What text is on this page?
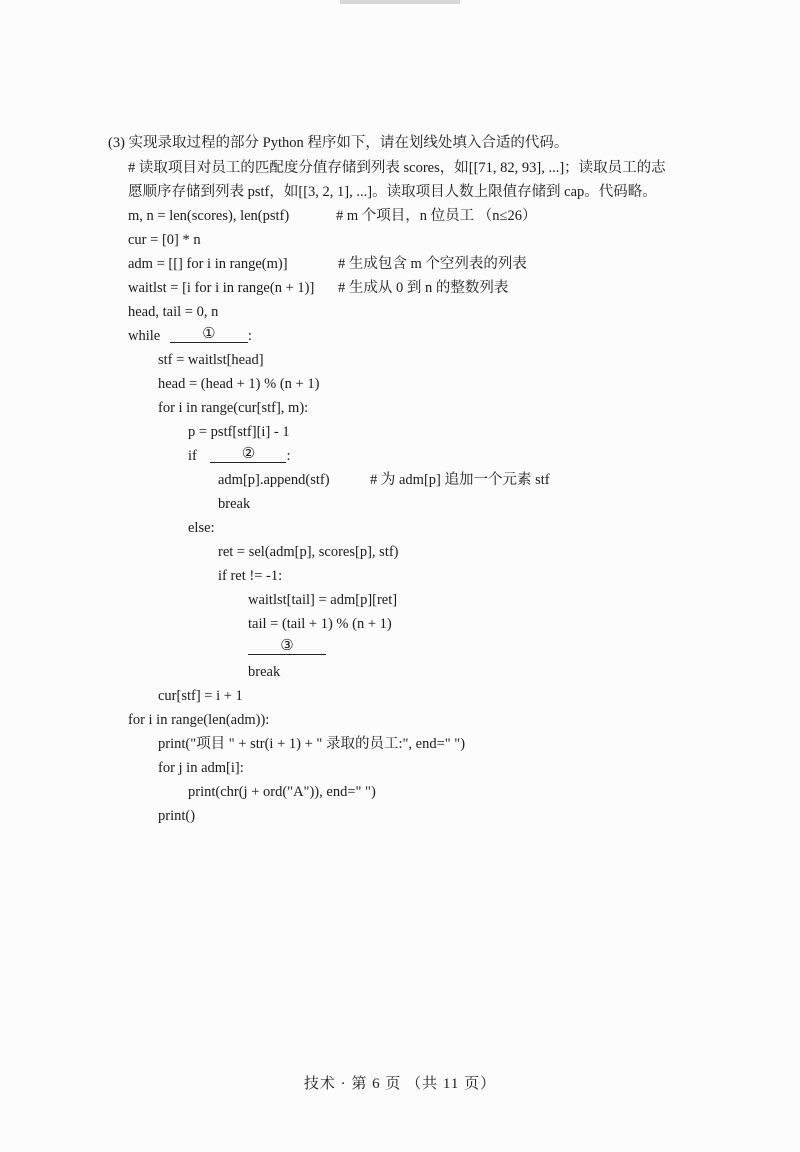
(3) 实现录取过程的部分 Python 程序如下，请在划线处填入合适的代码。
# 读取项目对员工的匹配度分值存储到列表 scores，如[[71, 82, 93], ...]；读取员工的志
愿顺序存储到列表 pstf，如[[3, 2, 1], ...]。读取项目人数上限值存储到 cap。代码略。
m, n = len(scores), len(pstf)	# m 个项目，n 位员工 （n≤26）
cur = [0] * n
adm = [[] for i in range(m)]	# 生成包含 m 个空列表的列表
waitlst = [i for i in range(n + 1)] # 生成从 0 到 n 的整数列表
head, tail = 0, n
while	① :
stf = waitlst[head]
head = (head + 1) % (n + 1)
for i in range(cur[stf], m):
p = pstf[stf][i] - 1
if	② :
adm[p].append(stf)	# 为 adm[p] 追加一个元素 stf
break
else:
ret = sel(adm[p], scores[p], stf)
if ret != -1:
waitlst[tail] = adm[p][ret]
tail = (tail + 1) % (n + 1)
③
break
cur[stf] = i + 1
for i in range(len(adm)):
print("项目 " + str(i + 1) + " 录取的员工:", end=" ")
for j in adm[i]:
print(chr(j + ord("A")), end=" ")
print()
技术 · 第 6 页 （共 11 页）
